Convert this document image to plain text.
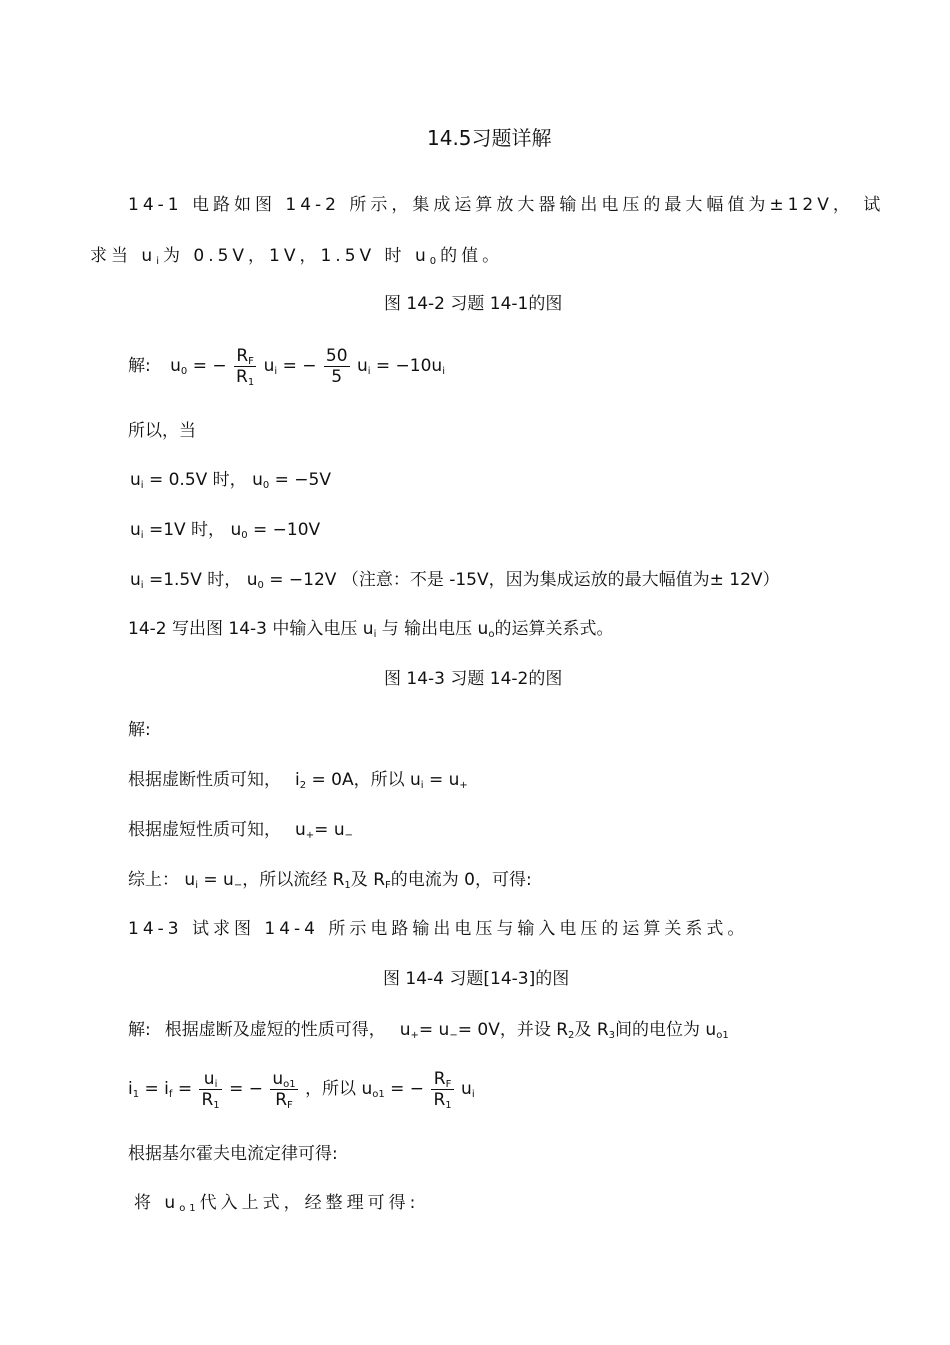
14.5习题详解
14-1 电路如图 14-2 所示，集成运算放大器输出电压的最大幅值为±12V， 试
求当 $u_i$为 0.5V，1V，1.5V 时 $u_0$的值。
图 14-2 习题 14-1的图
解: $u_0$ = − $\frac{R_F}{R_1} u_i$ = − $\frac{50}{5} u_i = -10u_i$
所以，当
$u_i = 0.5V$ 时， $u_0 = -5V$
$u_i =1V$ 时， $u_0 = -10V$
$u_i =1.5V$ 时， $u_0 = -12V$ （注意：不是 -15V，因为集成运放的最大幅值为± 12V）
14-2 写出图 14-3 中输入电压 $u_i$ 与 输出电压 $u_o$的运算关系式。
图 14-3 习题 14-2的图
解:
根据虚断性质可知， $i_2 = 0A$，所以 $u_i = u_+$
根据虚短性质可知， $u_+= u_-$
综上： $u_i = u_-$，所以流经 $R_1$及 $R_F$的电流为 0，可得:
14-3 试求图 14-4 所示电路输出电压与输入电压的运算关系式。
图 14-4 习题[14-3]的图
解: 根据虚断及虚短的性质可得， $u_+= u_-= 0V$，并设 $R_2$及 $R_3$间的电位为 $u_{o1}$
$i_1 = i_f = \frac{u_i}{R_1}$ = − $\frac{u_{o1}}{R_F}$ ，所以 $u_{o1}$ = − $\frac{R_F}{R_1} u_i$
根据基尔霍夫电流定律可得:
将 $u_{o1}$代入上式，经整理可得:
